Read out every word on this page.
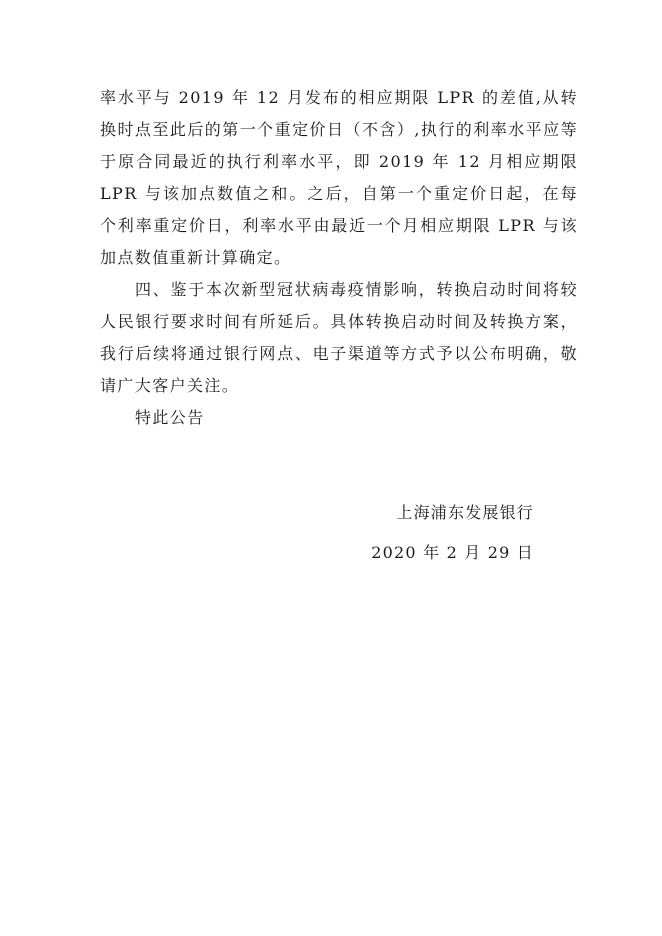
率水平与 2019 年 12 月发布的相应期限 LPR 的差值,从转换时点至此后的第一个重定价日（不含）,执行的利率水平应等于原合同最近的执行利率水平，即 2019 年 12 月相应期限 LPR 与该加点数值之和。之后，自第一个重定价日起，在每个利率重定价日，利率水平由最近一个月相应期限 LPR 与该加点数值重新计算确定。

四、鉴于本次新型冠状病毒疫情影响，转换启动时间将较人民银行要求时间有所延后。具体转换启动时间及转换方案，我行后续将通过银行网点、电子渠道等方式予以公布明确，敬请广大客户关注。

特此公告

上海浦东发展银行
2020 年 2 月 29 日
